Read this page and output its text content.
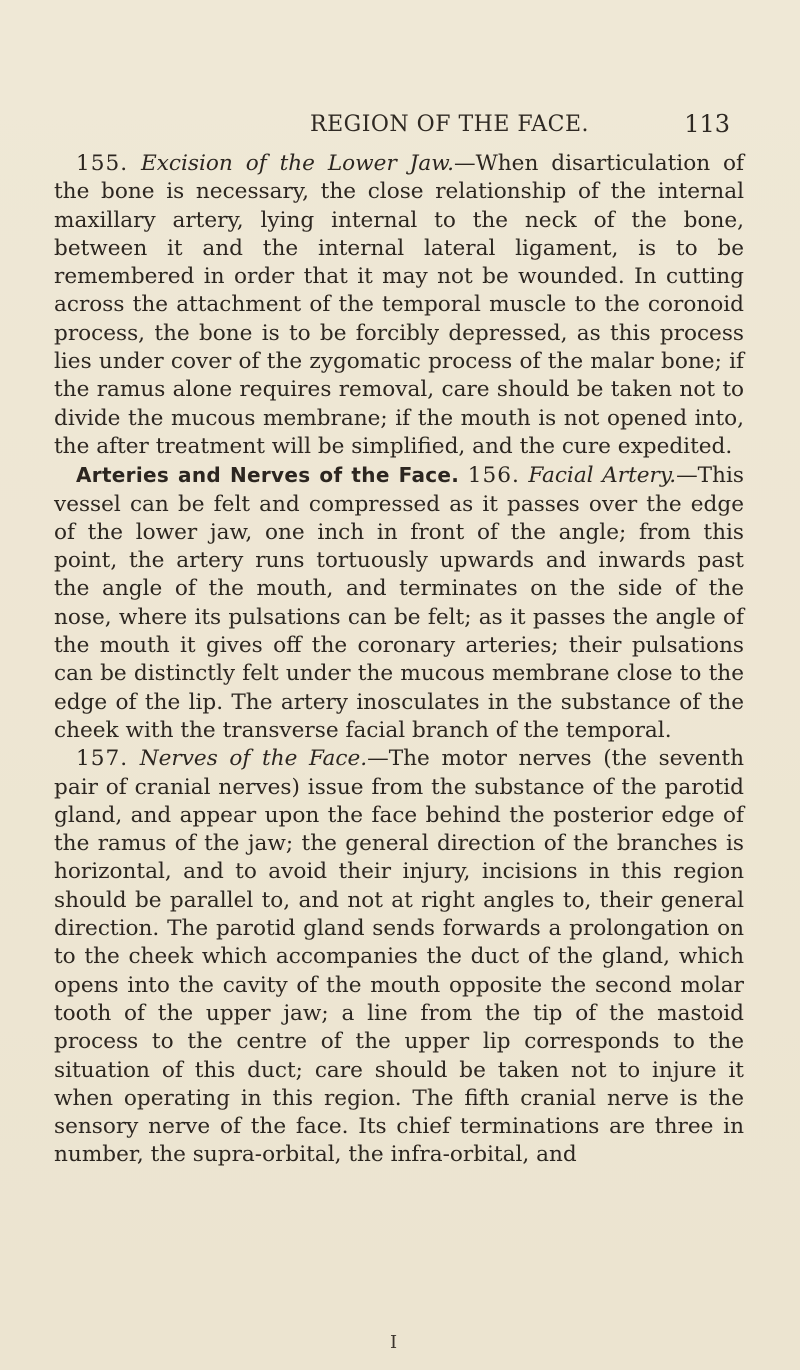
REGION OF THE FACE.	113

155. Excision of the Lower Jaw.—When disarticulation of the bone is necessary, the close relationship of the internal maxillary artery, lying internal to the neck of the bone, between it and the internal lateral ligament, is to be remembered in order that it may not be wounded. In cutting across the attachment of the temporal muscle to the coronoid process, the bone is to be forcibly depressed, as this process lies under cover of the zygomatic process of the malar bone; if the ramus alone requires removal, care should be taken not to divide the mucous membrane; if the mouth is not opened into, the after treatment will be simplified, and the cure expedited.

Arteries and Nerves of the Face. 156. Facial Artery.—This vessel can be felt and compressed as it passes over the edge of the lower jaw, one inch in front of the angle; from this point, the artery runs tortuously upwards and inwards past the angle of the mouth, and terminates on the side of the nose, where its pulsations can be felt; as it passes the angle of the mouth it gives off the coronary arteries; their pulsations can be distinctly felt under the mucous membrane close to the edge of the lip. The artery inosculates in the substance of the cheek with the transverse facial branch of the temporal.

157. Nerves of the Face.—The motor nerves (the seventh pair of cranial nerves) issue from the substance of the parotid gland, and appear upon the face behind the posterior edge of the ramus of the jaw; the general direction of the branches is horizontal, and to avoid their injury, incisions in this region should be parallel to, and not at right angles to, their general direction. The parotid gland sends forwards a prolongation on to the cheek which accompanies the duct of the gland, which opens into the cavity of the mouth opposite the second molar tooth of the upper jaw; a line from the tip of the mastoid process to the centre of the upper lip corresponds to the situation of this duct; care should be taken not to injure it when operating in this region. The fifth cranial nerve is the sensory nerve of the face. Its chief terminations are three in number, the supra-orbital, the infra-orbital, and

I
